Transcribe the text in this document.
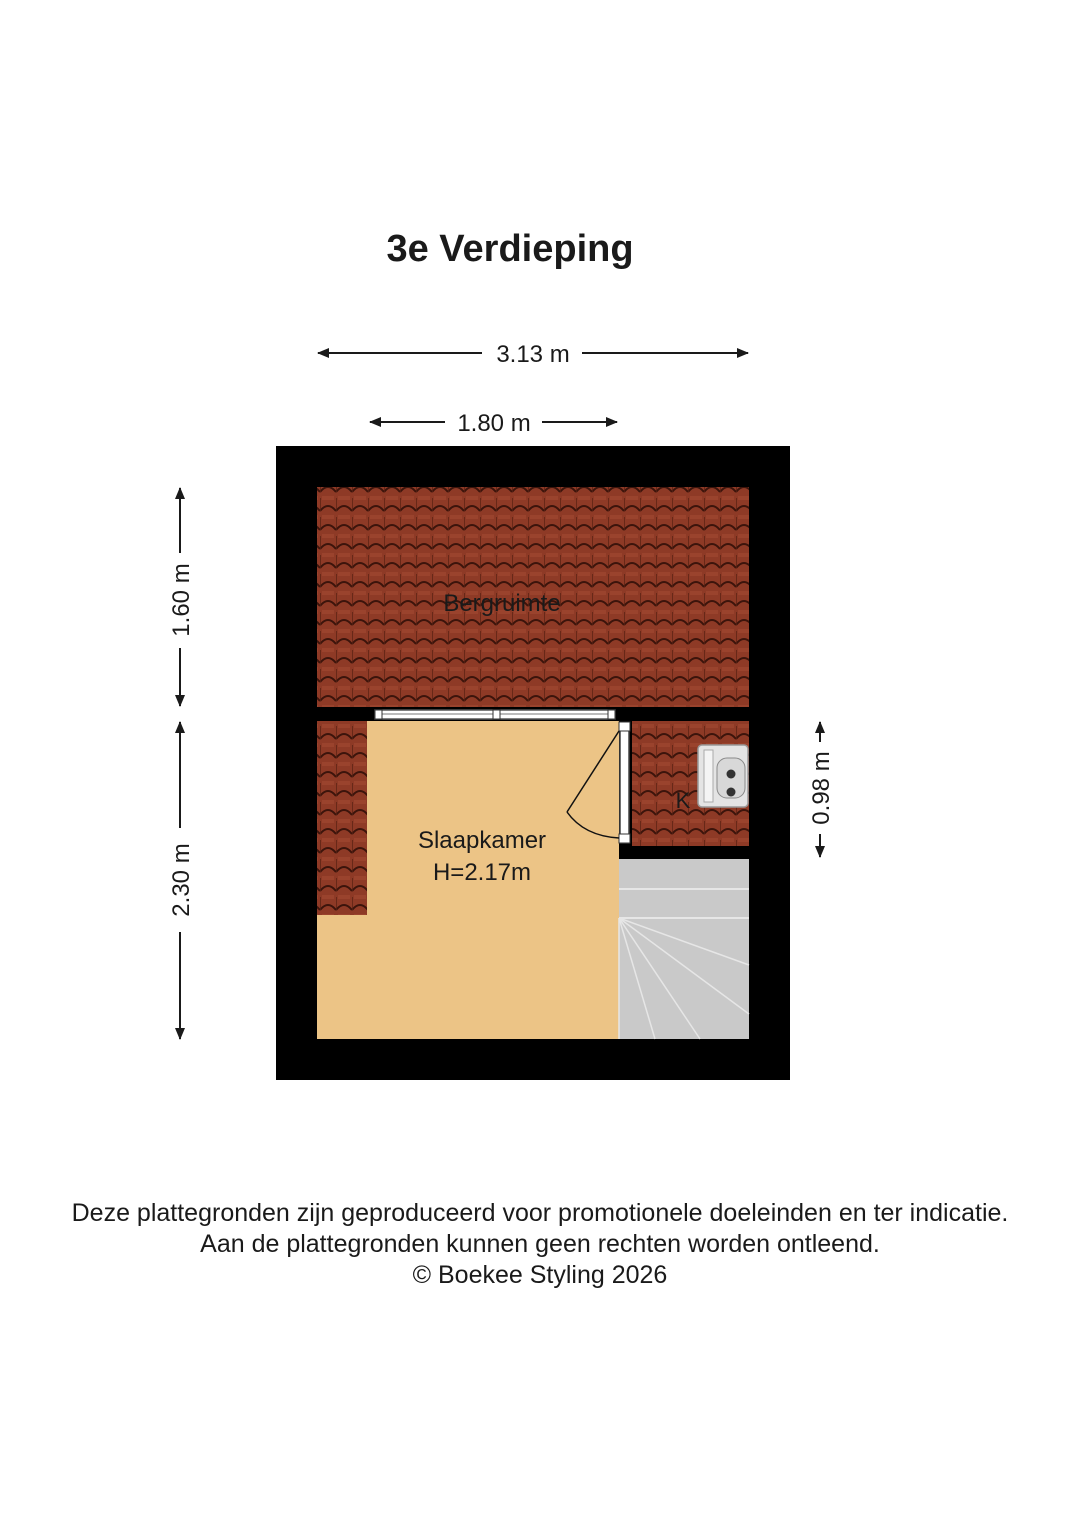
3e Verdieping
3.13 m
1.80 m
1.60 m
2.30 m
0.98 m
Bergruimte
Slaapkamer
H=2.17m
K
Deze plattegronden zijn geproduceerd voor promotionele doeleinden en ter indicatie.
Aan de plattegronden kunnen geen rechten worden ontleend.
© Boekee Styling 2026
